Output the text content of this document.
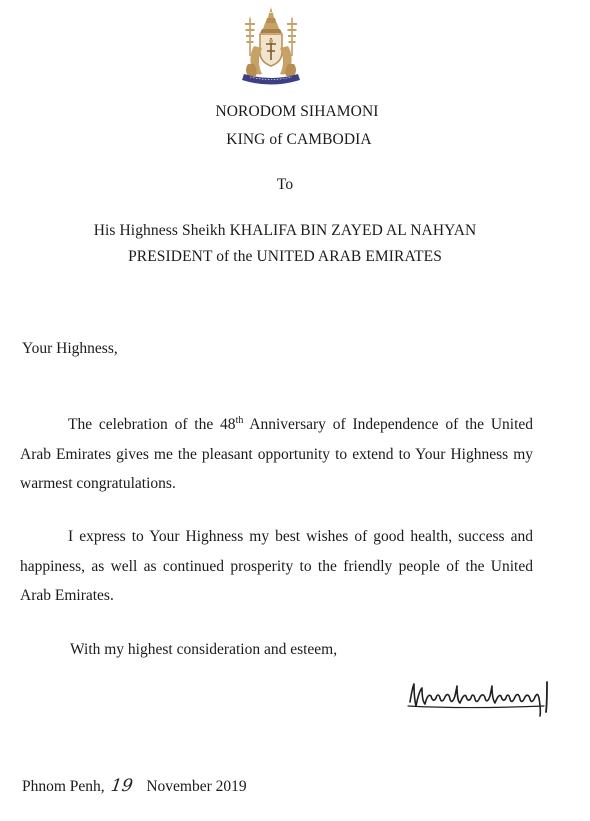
NORODOM SIHAMONI
KING of CAMBODIA
To
His Highness Sheikh KHALIFA BIN ZAYED AL NAHYAN
PRESIDENT of the UNITED ARAB EMIRATES
Your Highness,
The celebration of the 48th Anniversary of Independence of the United Arab Emirates gives me the pleasant opportunity to extend to Your Highness my warmest congratulations.
I express to Your Highness my best wishes of good health, success and happiness, as well as continued prosperity to the friendly people of the United Arab Emirates.
With my highest consideration and esteem,
Phnom Penh, 19 November 2019
